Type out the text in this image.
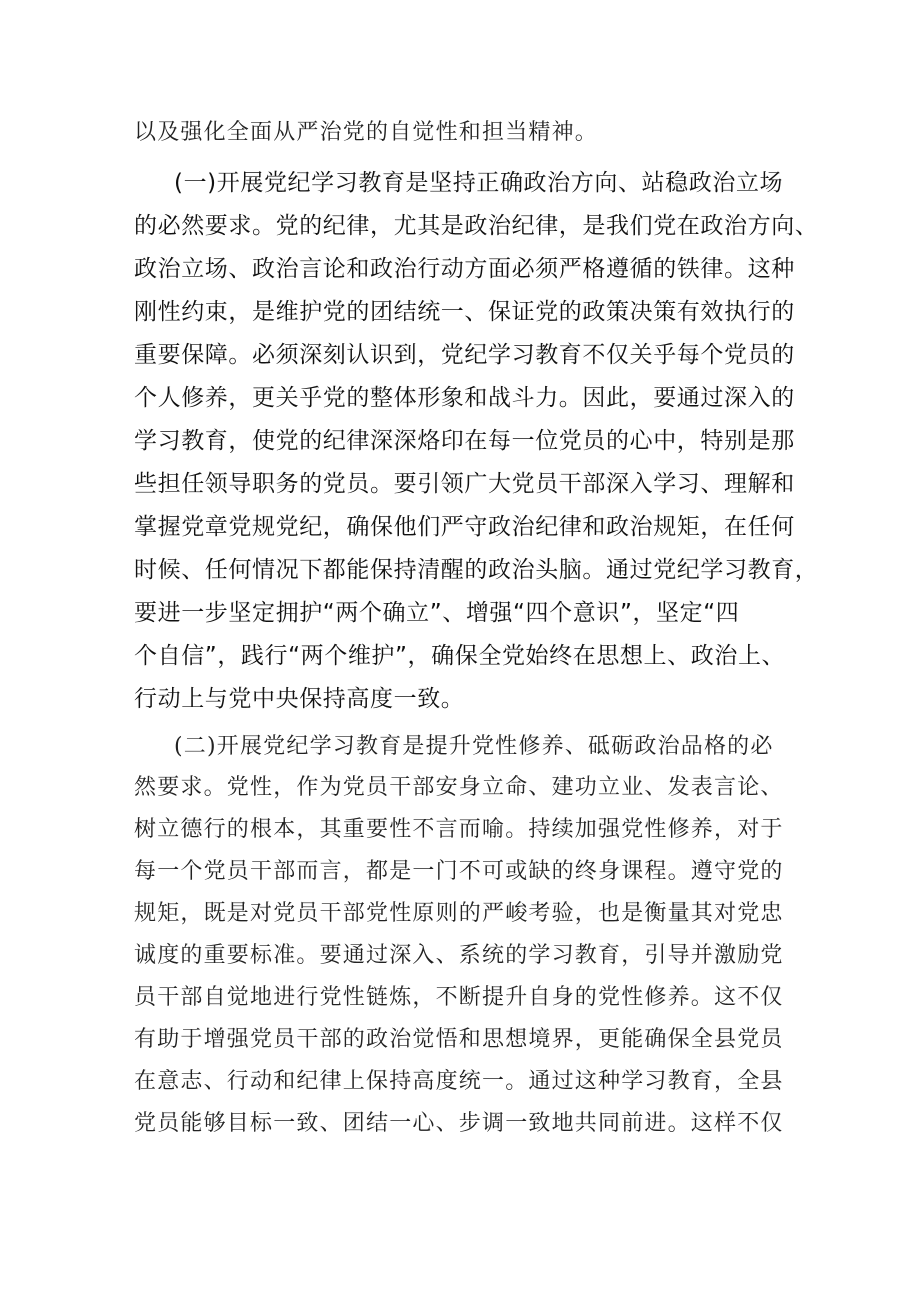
以及强化全面从严治党的自觉性和担当精神。
(一)开展党纪学习教育是坚持正确政治方向、站稳政治立场
的必然要求。党的纪律，尤其是政治纪律，是我们党在政治方向、
政治立场、政治言论和政治行动方面必须严格遵循的铁律。这种
刚性约束，是维护党的团结统一、保证党的政策决策有效执行的
重要保障。必须深刻认识到，党纪学习教育不仅关乎每个党员的
个人修养，更关乎党的整体形象和战斗力。因此，要通过深入的
学习教育，使党的纪律深深烙印在每一位党员的心中，特别是那
些担任领导职务的党员。要引领广大党员干部深入学习、理解和
掌握党章党规党纪，确保他们严守政治纪律和政治规矩，在任何
时候、任何情况下都能保持清醒的政治头脑。通过党纪学习教育，
要进一步坚定拥护“两个确立”、增强“四个意识”，坚定“四
个自信”，践行“两个维护”，确保全党始终在思想上、政治上、
行动上与党中央保持高度一致。
(二)开展党纪学习教育是提升党性修养、砥砺政治品格的必
然要求。党性，作为党员干部安身立命、建功立业、发表言论、
树立德行的根本，其重要性不言而喻。持续加强党性修养，对于
每一个党员干部而言，都是一门不可或缺的终身课程。遵守党的
规矩，既是对党员干部党性原则的严峻考验，也是衡量其对党忠
诚度的重要标准。要通过深入、系统的学习教育，引导并激励党
员干部自觉地进行党性链炼，不断提升自身的党性修养。这不仅
有助于增强党员干部的政治觉悟和思想境界，更能确保全县党员
在意志、行动和纪律上保持高度统一。通过这种学习教育，全县
党员能够目标一致、团结一心、步调一致地共同前进。这样不仅
